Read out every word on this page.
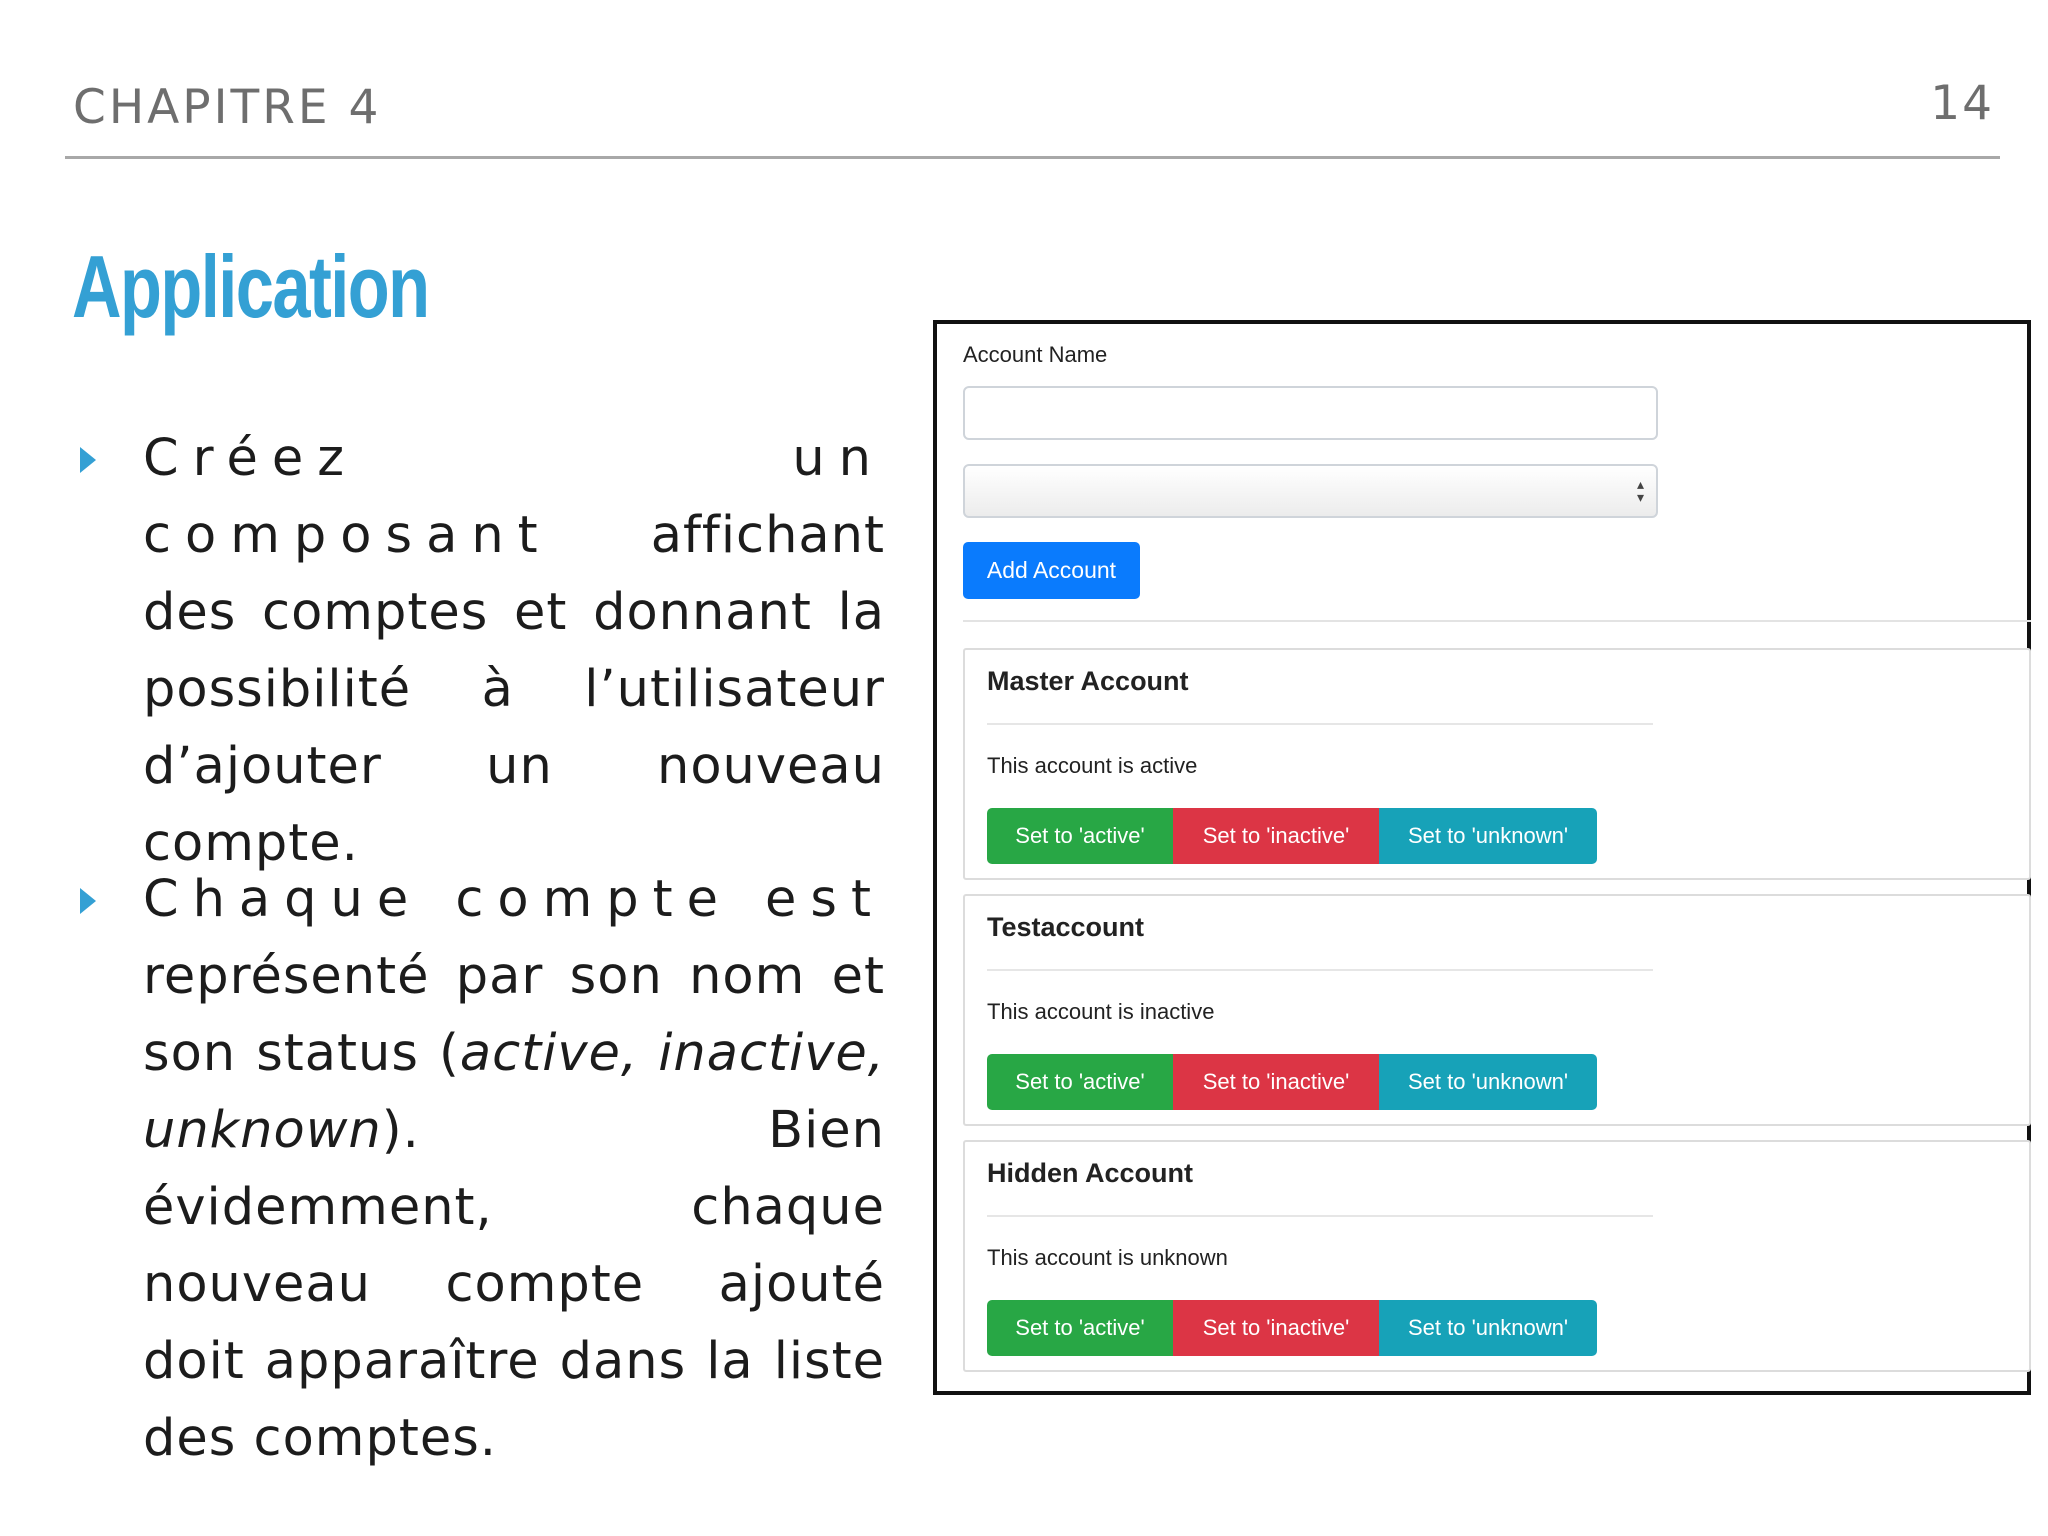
CHAPITRE 4	14
Application
Créez un composant affichant des comptes et donnant la possibilité à l’utilisateur d’ajouter un nouveau compte.
Chaque compte est représenté par son nom et son status (active, inactive, unknown). Bien évidemment, chaque nouveau compte ajouté doit apparaître dans la liste des comptes.
Account Name
▴
▾
Add Account
Master Account
This account is active
Set to 'active'	Set to 'inactive'	Set to 'unknown'
Testaccount
This account is inactive
Set to 'active'	Set to 'inactive'	Set to 'unknown'
Hidden Account
This account is unknown
Set to 'active'	Set to 'inactive'	Set to 'unknown'
